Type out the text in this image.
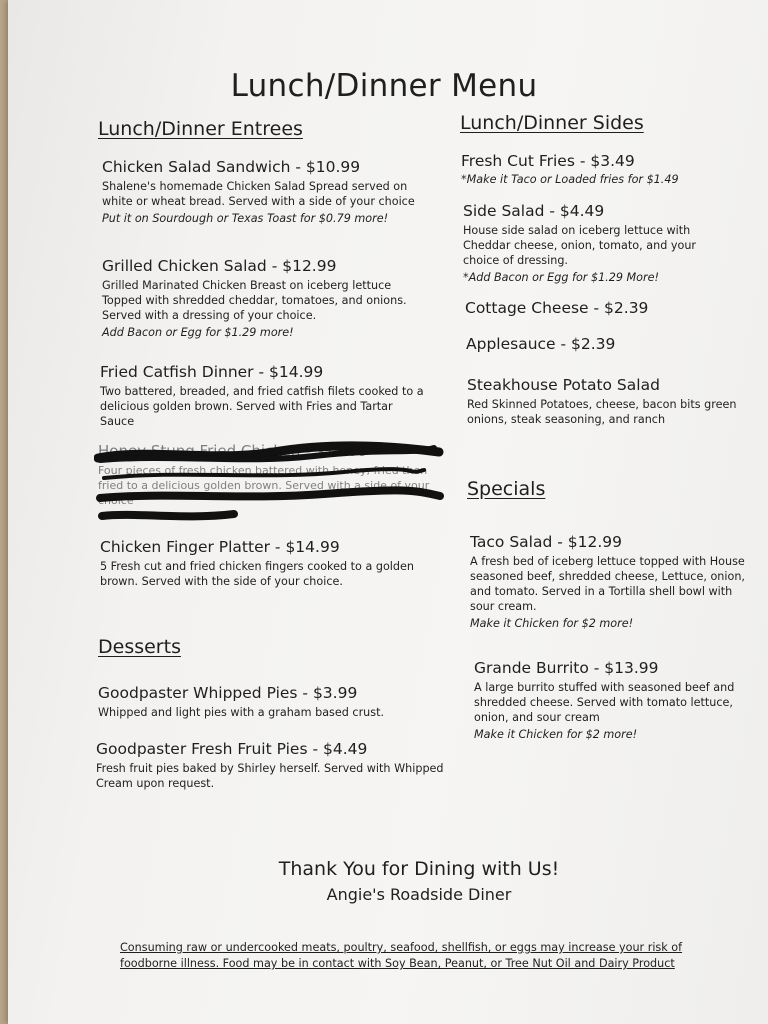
Lunch/Dinner Menu
Lunch/Dinner Entrees
Chicken Salad Sandwich - $10.99
Shalene's homemade Chicken Salad Spread served on white or wheat bread. Served with a side of your choice
Put it on Sourdough or Texas Toast for $0.79 more!
Grilled Chicken Salad - $12.99
Grilled Marinated Chicken Breast on iceberg lettuce Topped with shredded cheddar, tomatoes, and onions. Served with a dressing of your choice.
Add Bacon or Egg for $1.29 more!
Fried Catfish Dinner - $14.99
Two battered, breaded, and fried catfish filets cooked to a delicious golden brown. Served with Fries and Tartar Sauce
Honey Stung Fried Chicken - $12.99
Four pieces of fresh chicken battered with honey, fried then fried to a delicious golden brown. Served with a side of your choice
Chicken Finger Platter - $14.99
5 Fresh cut and fried chicken fingers cooked to a golden brown. Served with the side of your choice.
Desserts
Goodpaster Whipped Pies - $3.99
Whipped and light pies with a graham based crust.
Goodpaster Fresh Fruit Pies - $4.49
Fresh fruit pies baked by Shirley herself. Served with Whipped Cream upon request.
Lunch/Dinner Sides
Fresh Cut Fries - $3.49
*Make it Taco or Loaded fries for $1.49
Side Salad - $4.49
House side salad on iceberg lettuce with Cheddar cheese, onion, tomato, and your choice of dressing.
*Add Bacon or Egg for $1.29 More!
Cottage Cheese - $2.39
Applesauce - $2.39
Steakhouse Potato Salad
Red Skinned Potatoes, cheese, bacon bits green onions, steak seasoning, and ranch
Specials
Taco Salad - $12.99
A fresh bed of iceberg lettuce topped with House seasoned beef, shredded cheese, Lettuce, onion, and tomato. Served in a Tortilla shell bowl with sour cream.
Make it Chicken for $2 more!
Grande Burrito - $13.99
A large burrito stuffed with seasoned beef and shredded cheese. Served with tomato lettuce, onion, and sour cream
Make it Chicken for $2 more!
Thank You for Dining with Us!
Angie's Roadside Diner
Consuming raw or undercooked meats, poultry, seafood, shellfish, or eggs may increase your risk of foodborne illness. Food may be in contact with Soy Bean, Peanut, or Tree Nut Oil and Dairy Product
